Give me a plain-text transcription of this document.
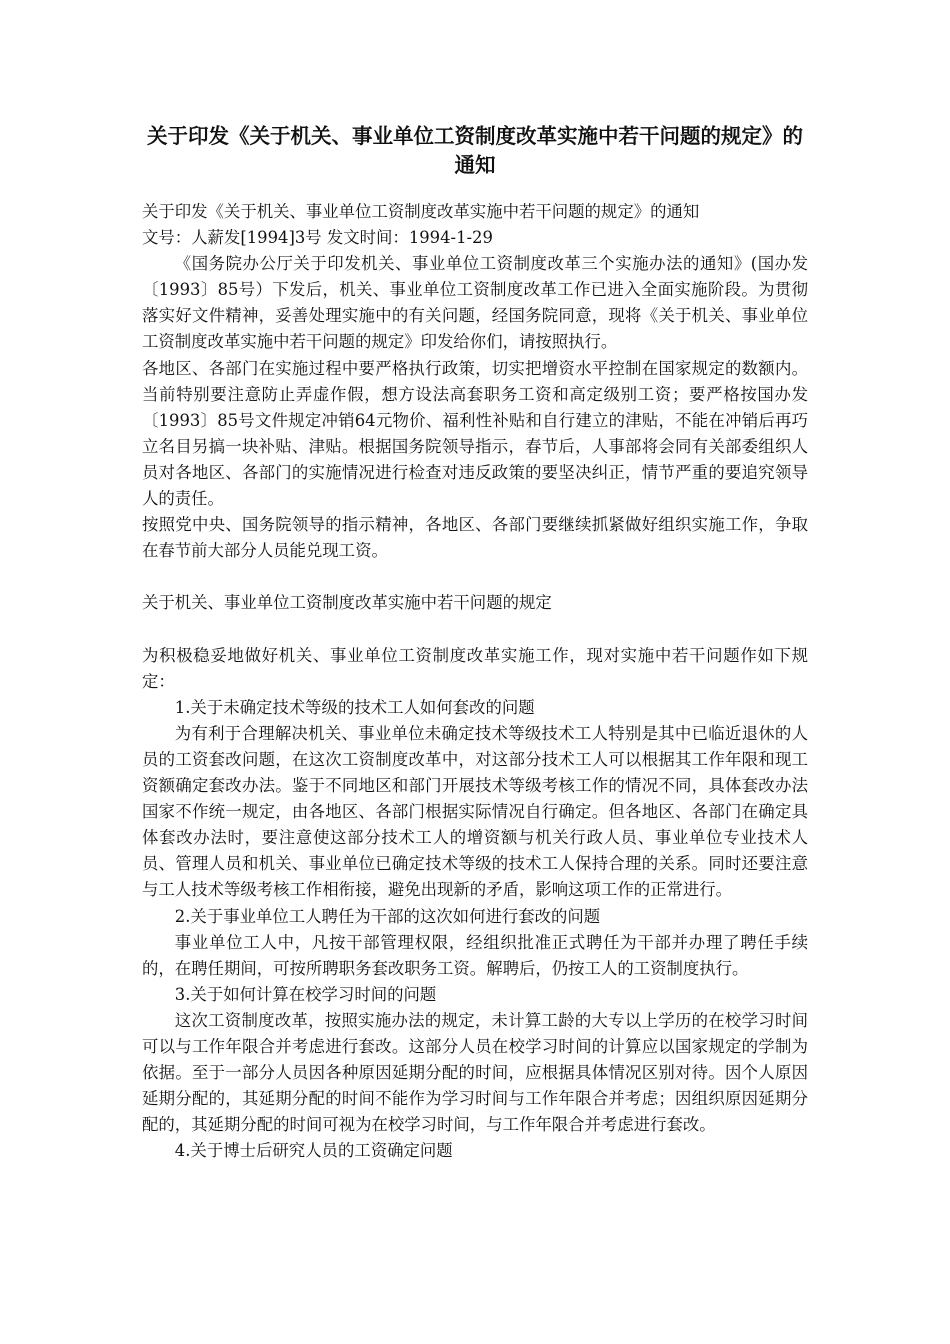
关于印发《关于机关、事业单位工资制度改革实施中若干问题的规定》的通知

关于印发《关于机关、事业单位工资制度改革实施中若干问题的规定》的通知

文号：人薪发[1994]3号 发文时间：1994-1-29

《国务院办公厅关于印发机关、事业单位工资制度改革三个实施办法的通知》(国办发〔1993〕85号）下发后，机关、事业单位工资制度改革工作已进入全面实施阶段。为贯彻落实好文件精神，妥善处理实施中的有关问题，经国务院同意，现将《关于机关、事业单位工资制度改革实施中若干问题的规定》印发给你们，请按照执行。

各地区、各部门在实施过程中要严格执行政策，切实把增资水平控制在国家规定的数额内。当前特别要注意防止弄虚作假，想方设法高套职务工资和高定级别工资；要严格按国办发〔1993〕85号文件规定冲销64元物价、福利性补贴和自行建立的津贴，不能在冲销后再巧立名目另搞一块补贴、津贴。根据国务院领导指示，春节后，人事部将会同有关部委组织人员对各地区、各部门的实施情况进行检查对违反政策的要坚决纠正，情节严重的要追究领导人的责任。

按照党中央、国务院领导的指示精神，各地区、各部门要继续抓紧做好组织实施工作，争取在春节前大部分人员能兑现工资。

关于机关、事业单位工资制度改革实施中若干问题的规定

为积极稳妥地做好机关、事业单位工资制度改革实施工作，现对实施中若干问题作如下规定：

1.关于未确定技术等级的技术工人如何套改的问题

为有利于合理解决机关、事业单位未确定技术等级技术工人特别是其中已临近退休的人员的工资套改问题，在这次工资制度改革中，对这部分技术工人可以根据其工作年限和现工资额确定套改办法。鉴于不同地区和部门开展技术等级考核工作的情况不同，具体套改办法国家不作统一规定，由各地区、各部门根据实际情况自行确定。但各地区、各部门在确定具体套改办法时，要注意使这部分技术工人的增资额与机关行政人员、事业单位专业技术人员、管理人员和机关、事业单位已确定技术等级的技术工人保持合理的关系。同时还要注意与工人技术等级考核工作相衔接，避免出现新的矛盾，影响这项工作的正常进行。

2.关于事业单位工人聘任为干部的这次如何进行套改的问题

事业单位工人中，凡按干部管理权限，经组织批准正式聘任为干部并办理了聘任手续的，在聘任期间，可按所聘职务套改职务工资。解聘后，仍按工人的工资制度执行。

3.关于如何计算在校学习时间的问题

这次工资制度改革，按照实施办法的规定，未计算工龄的大专以上学历的在校学习时间可以与工作年限合并考虑进行套改。这部分人员在校学习时间的计算应以国家规定的学制为依据。至于一部分人员因各种原因延期分配的时间，应根据具体情况区别对待。因个人原因延期分配的，其延期分配的时间不能作为学习时间与工作年限合并考虑；因组织原因延期分配的，其延期分配的时间可视为在校学习时间，与工作年限合并考虑进行套改。

4.关于博士后研究人员的工资确定问题
